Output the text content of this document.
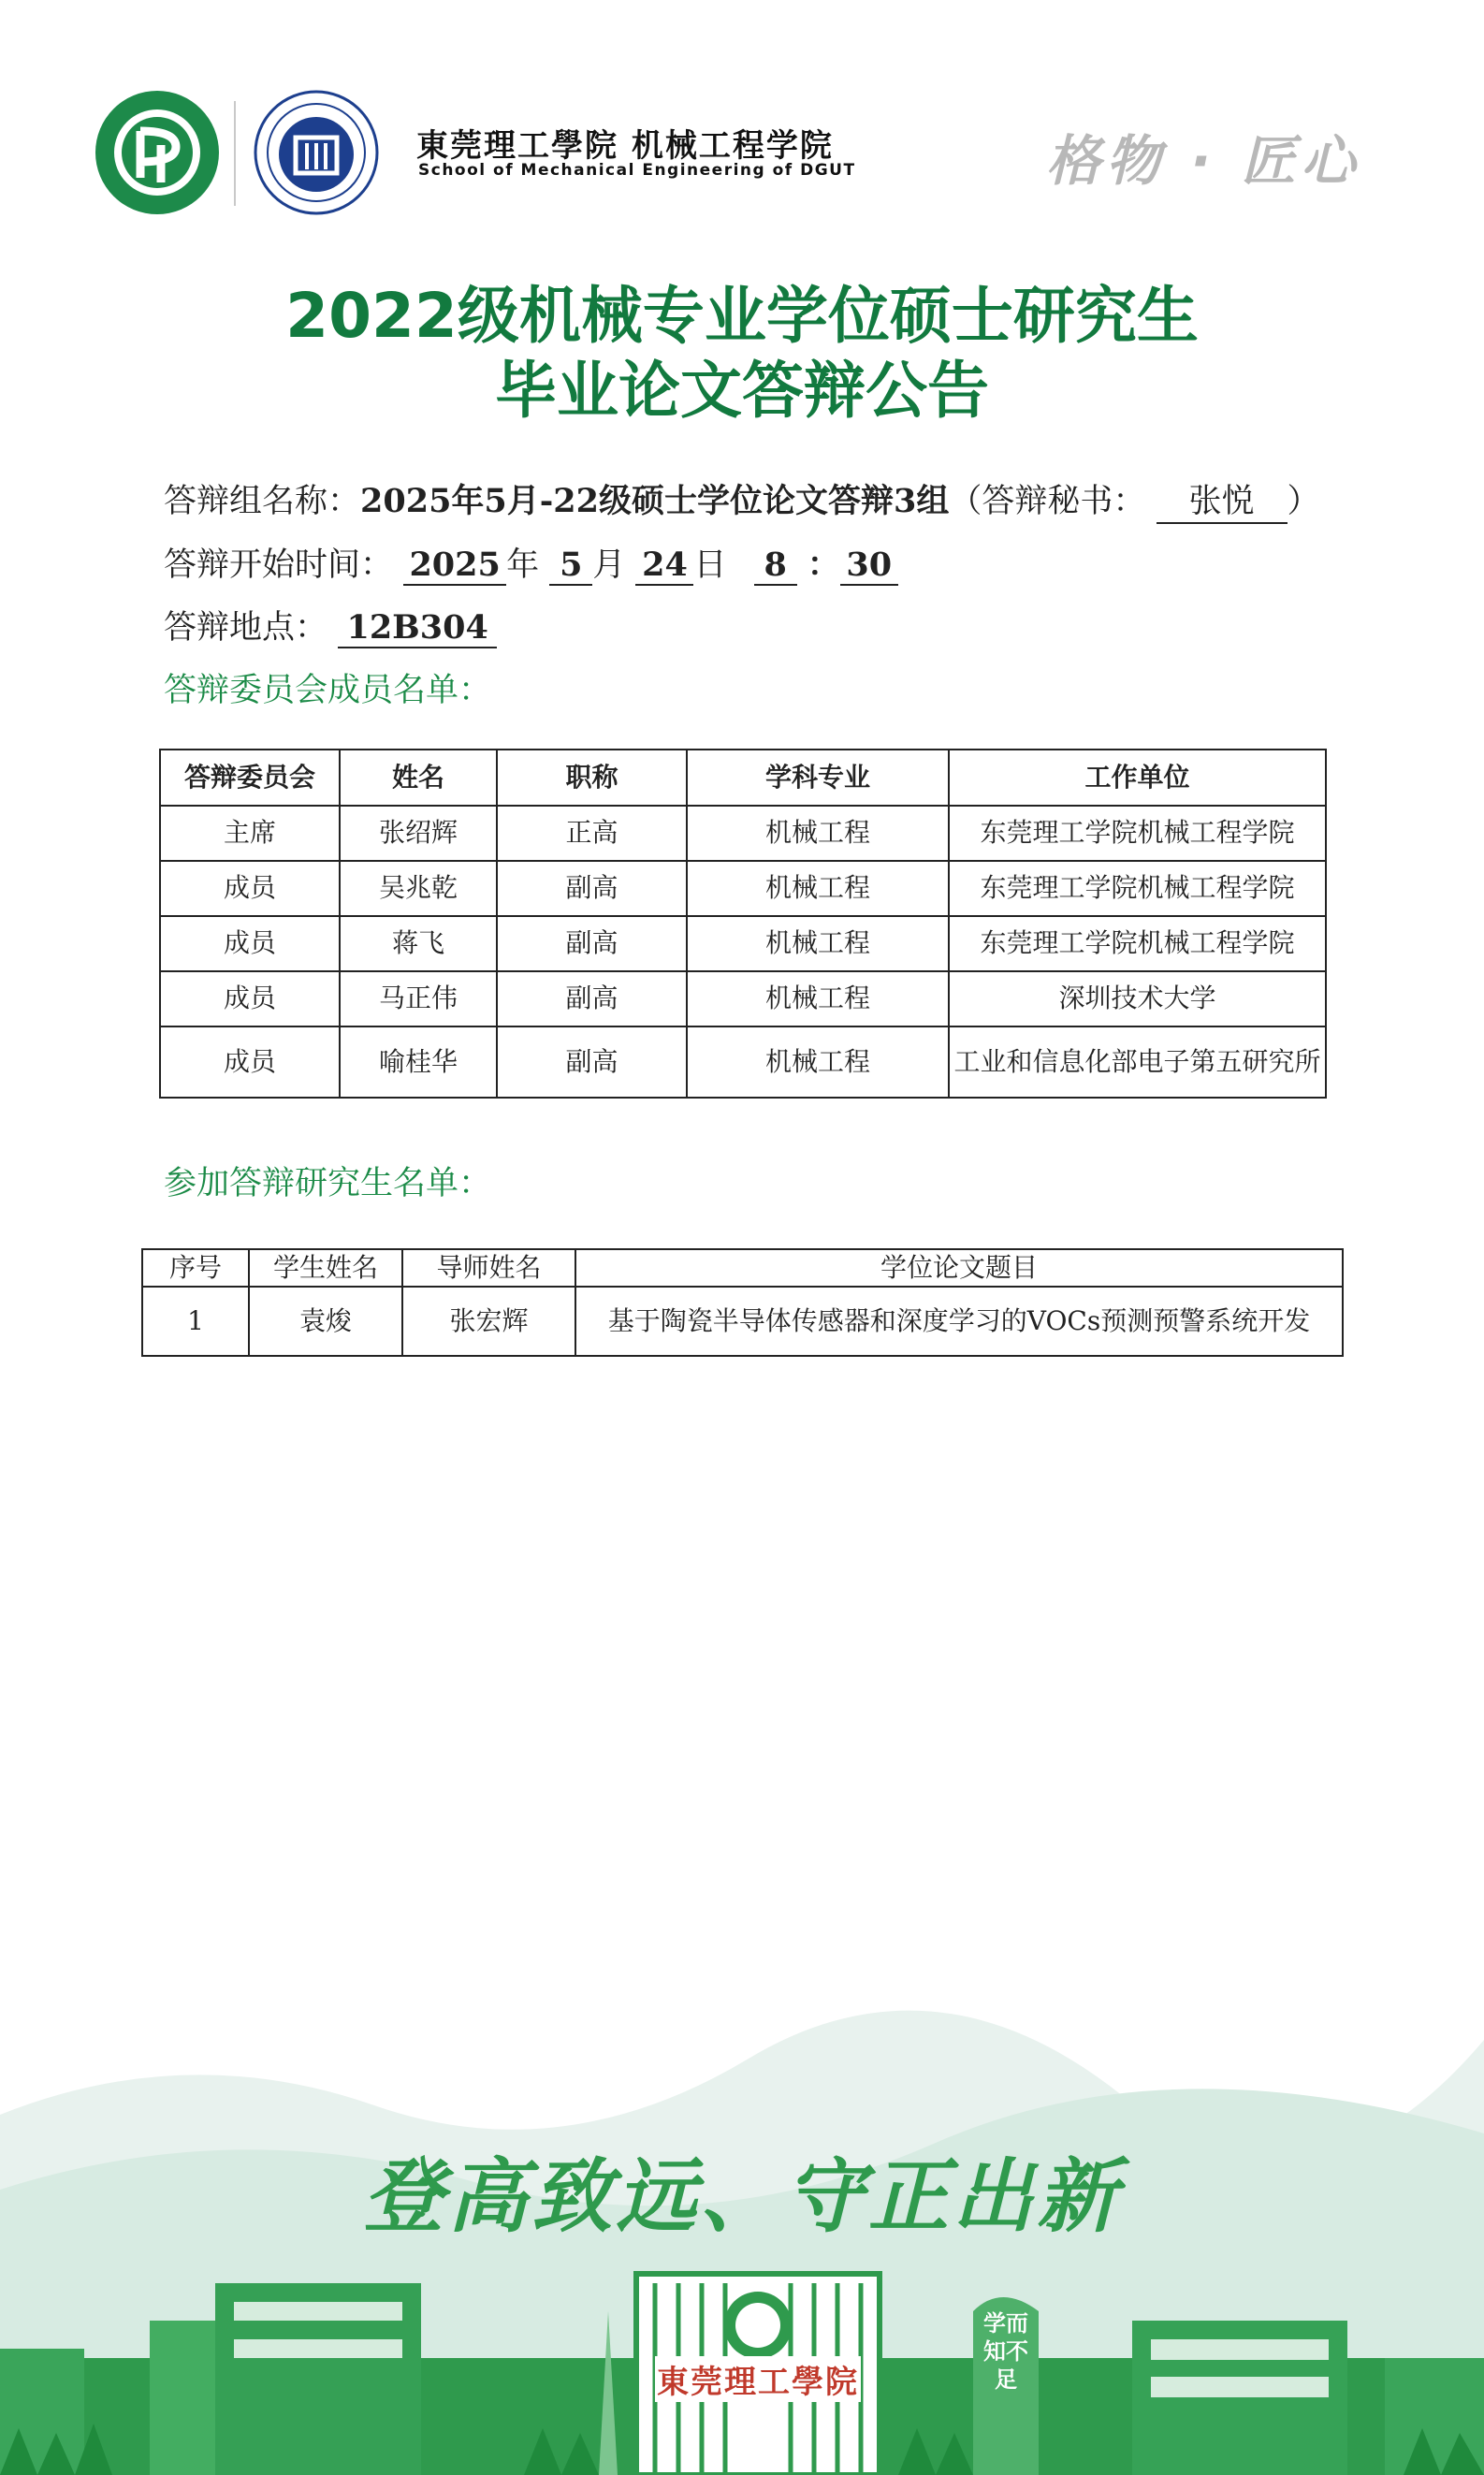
東莞理工學院 机械工程学院
School of Mechanical Engineering of DGUT	格物 · 匠心
2022级机械专业学位硕士研究生
毕业论文答辩公告
答辩组名称：2025年5月-22级硕士学位论文答辩3组（答辩秘书： 张悦 ）
答辩开始时间： 2025 年 5 月 24 日 8 ： 30
答辩地点： 12B304
答辩委员会成员名单：
答辩委员会	姓名	职称	学科专业	工作单位
主席	张绍辉	正高	机械工程	东莞理工学院机械工程学院
成员	吴兆乾	副高	机械工程	东莞理工学院机械工程学院
成员	蒋飞	副高	机械工程	东莞理工学院机械工程学院
成员	马正伟	副高	机械工程	深圳技术大学
成员	喻桂华	副高	机械工程	工业和信息化部电子第五研究所
参加答辩研究生名单：
序号	学生姓名	导师姓名	学位论文题目
1	袁焌	张宏辉	基于陶瓷半导体传感器和深度学习的VOCs预测预警系统开发
登高致远、守正出新
東莞理工學院
学而知不足
